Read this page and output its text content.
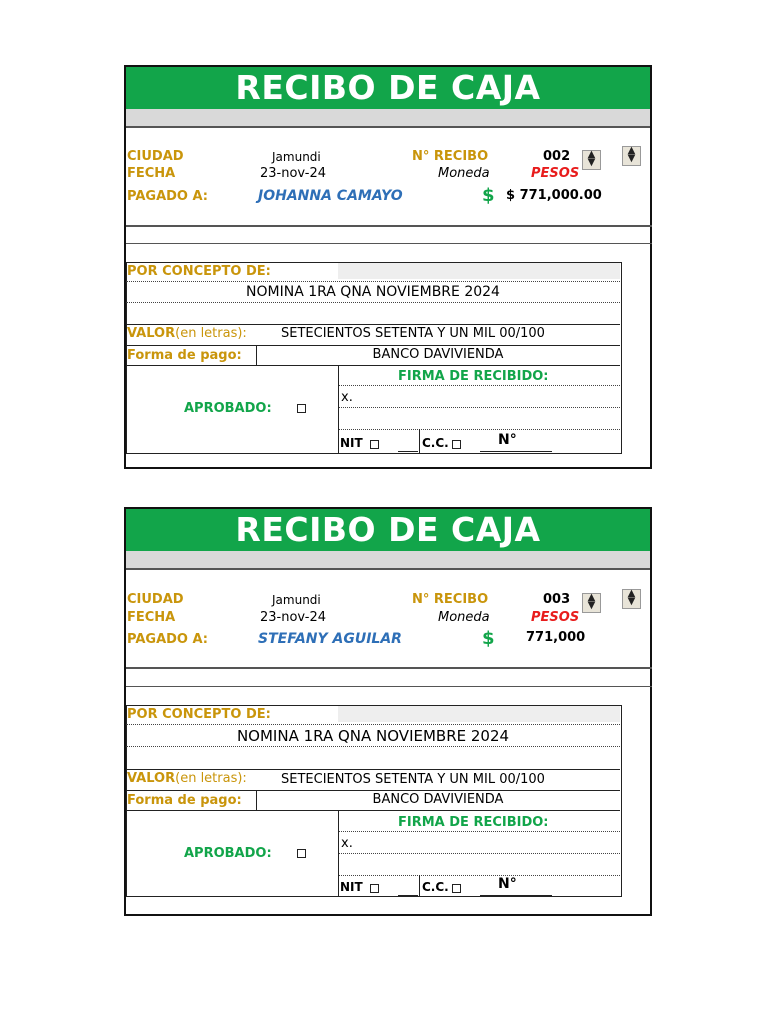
RECIBO DE CAJA
CIUDAD	Jamundi	N° RECIBO	002	▲
▼
▲
▼
FECHA	23-nov-24	Moneda	PESOS
PAGADO A:	JOHANNA CAMAYO	$ $ 771,000.00
POR CONCEPTO DE:
NOMINA 1RA QNA NOVIEMBRE 2024
VALOR(en letras):	SETECIENTOS SETENTA Y UN MIL 00/100
Forma de pago:	BANCO DAVIVIENDA
FIRMA DE RECIBIDO:
x.
APROBADO:
NIT	C.C.	N°
RECIBO DE CAJA
CIUDAD	Jamundi	N° RECIBO	003	▲
▼
▲
▼
FECHA	23-nov-24	Moneda	PESOS
PAGADO A:	STEFANY AGUILAR	$ 771,000
POR CONCEPTO DE:
NOMINA 1RA QNA NOVIEMBRE 2024
VALOR(en letras):	SETECIENTOS SETENTA Y UN MIL 00/100
Forma de pago:	BANCO DAVIVIENDA
FIRMA DE RECIBIDO:
x.
APROBADO:
NIT	C.C.	N°
